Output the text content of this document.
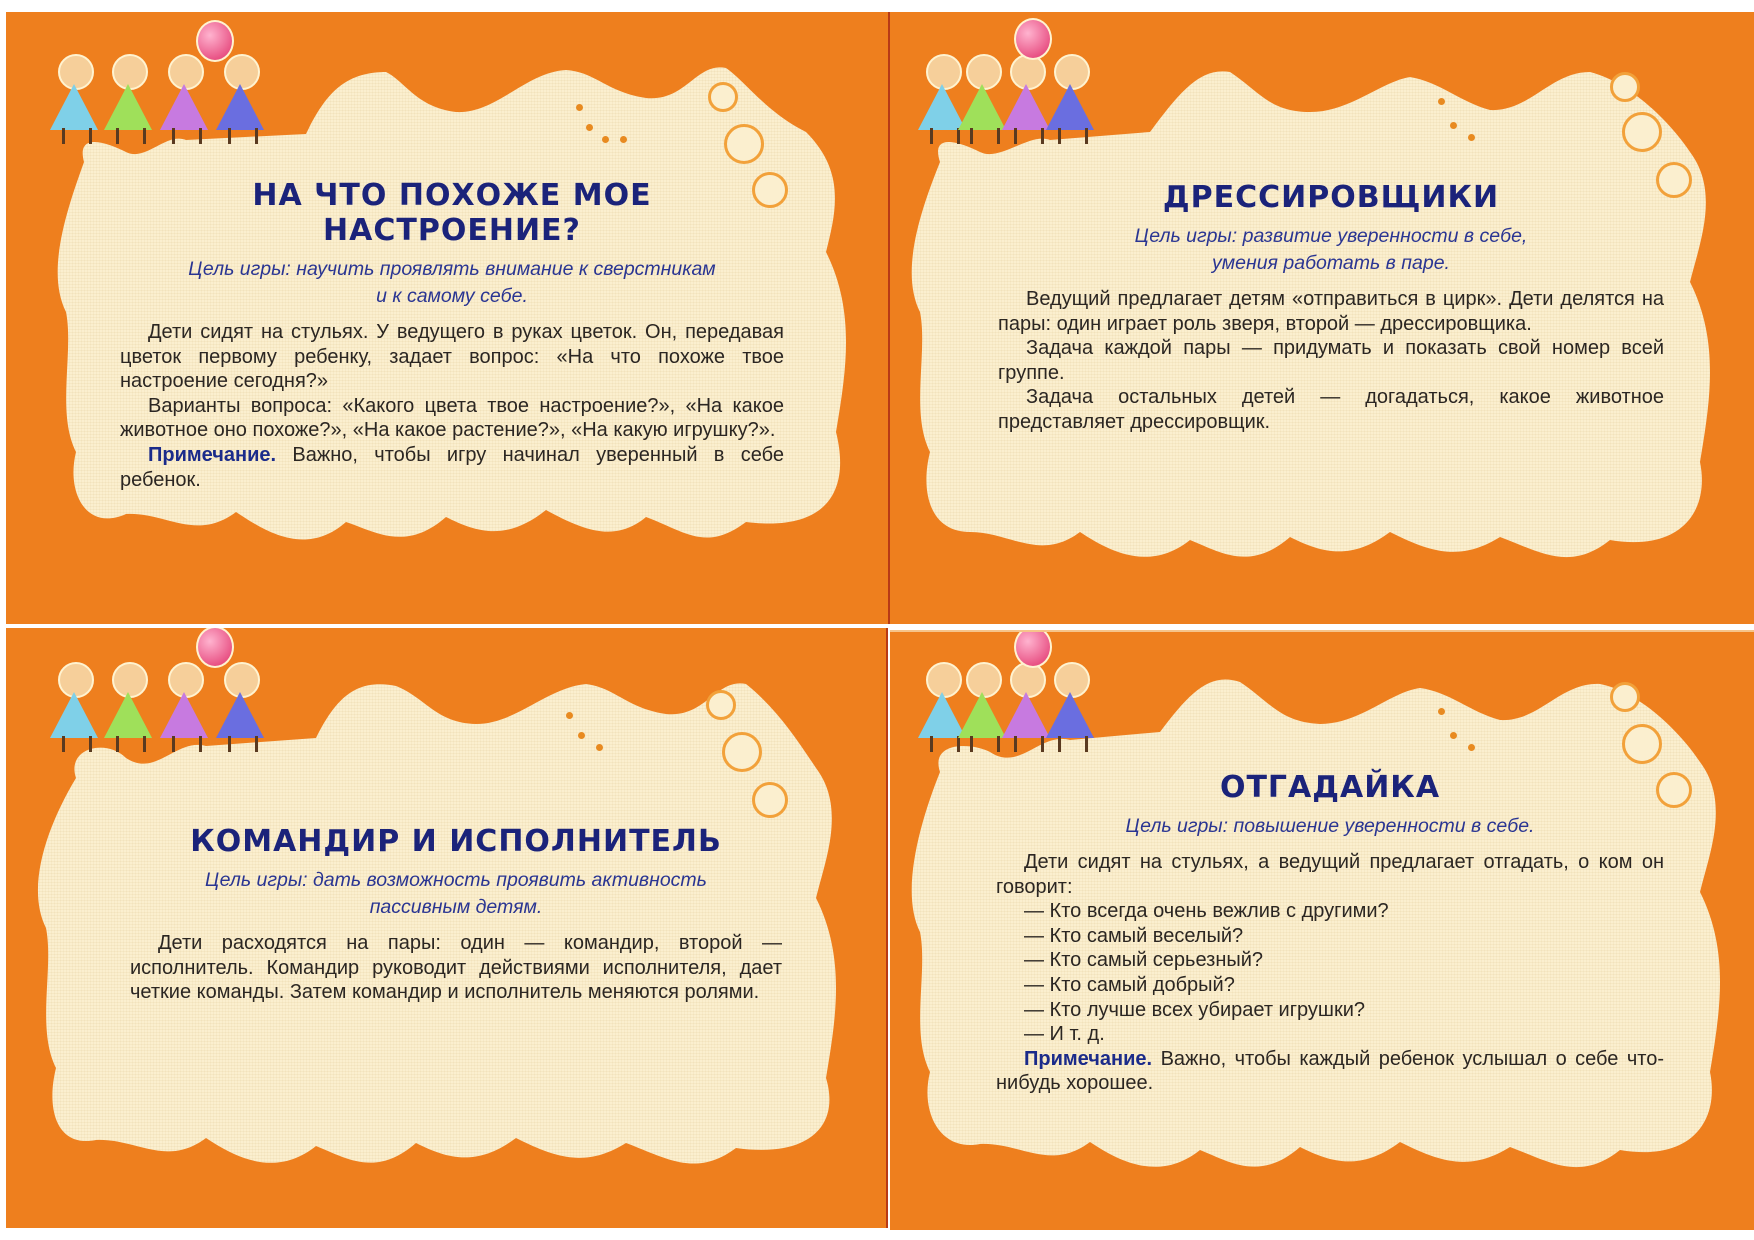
НА ЧТО ПОХОЖЕ МОЕ НАСТРОЕНИЕ?
Цель игры: научить проявлять внимание к сверстникам
и к самому себе.

Дети сидят на стульях. У ведущего в руках цветок. Он, передавая цветок первому ребенку, задает вопрос: «На что похоже твое настроение сегодня?»

Варианты вопроса: «Какого цвета твое настроение?», «На какое животное оно похоже?», «На какое растение?», «На какую игрушку?».

Примечание. Важно, чтобы игру начинал уверенный в себе ребенок.

ДРЕССИРОВЩИКИ
Цель игры: развитие уверенности в себе,
умения работать в паре.

Ведущий предлагает детям «отправиться в цирк». Дети делятся на пары: один играет роль зверя, второй — дрессировщика.

Задача каждой пары — придумать и показать свой номер всей группе.

Задача остальных детей — догадаться, какое животное представляет дрессировщик.

КОМАНДИР И ИСПОЛНИТЕЛЬ
Цель игры: дать возможность проявить активность
пассивным детям.

Дети расходятся на пары: один — командир, второй — исполнитель. Командир руководит действиями исполнителя, дает четкие команды. Затем командир и исполнитель меняются ролями.

ОТГАДАЙКА
Цель игры: повышение уверенности в себе.

Дети сидят на стульях, а ведущий предлагает отгадать, о ком он говорит:

— Кто всегда очень вежлив с другими?

— Кто самый веселый?

— Кто самый серьезный?

— Кто самый добрый?

— Кто лучше всех убирает игрушки?

— И т. д.

Примечание. Важно, чтобы каждый ребенок услышал о себе что-нибудь хорошее.
